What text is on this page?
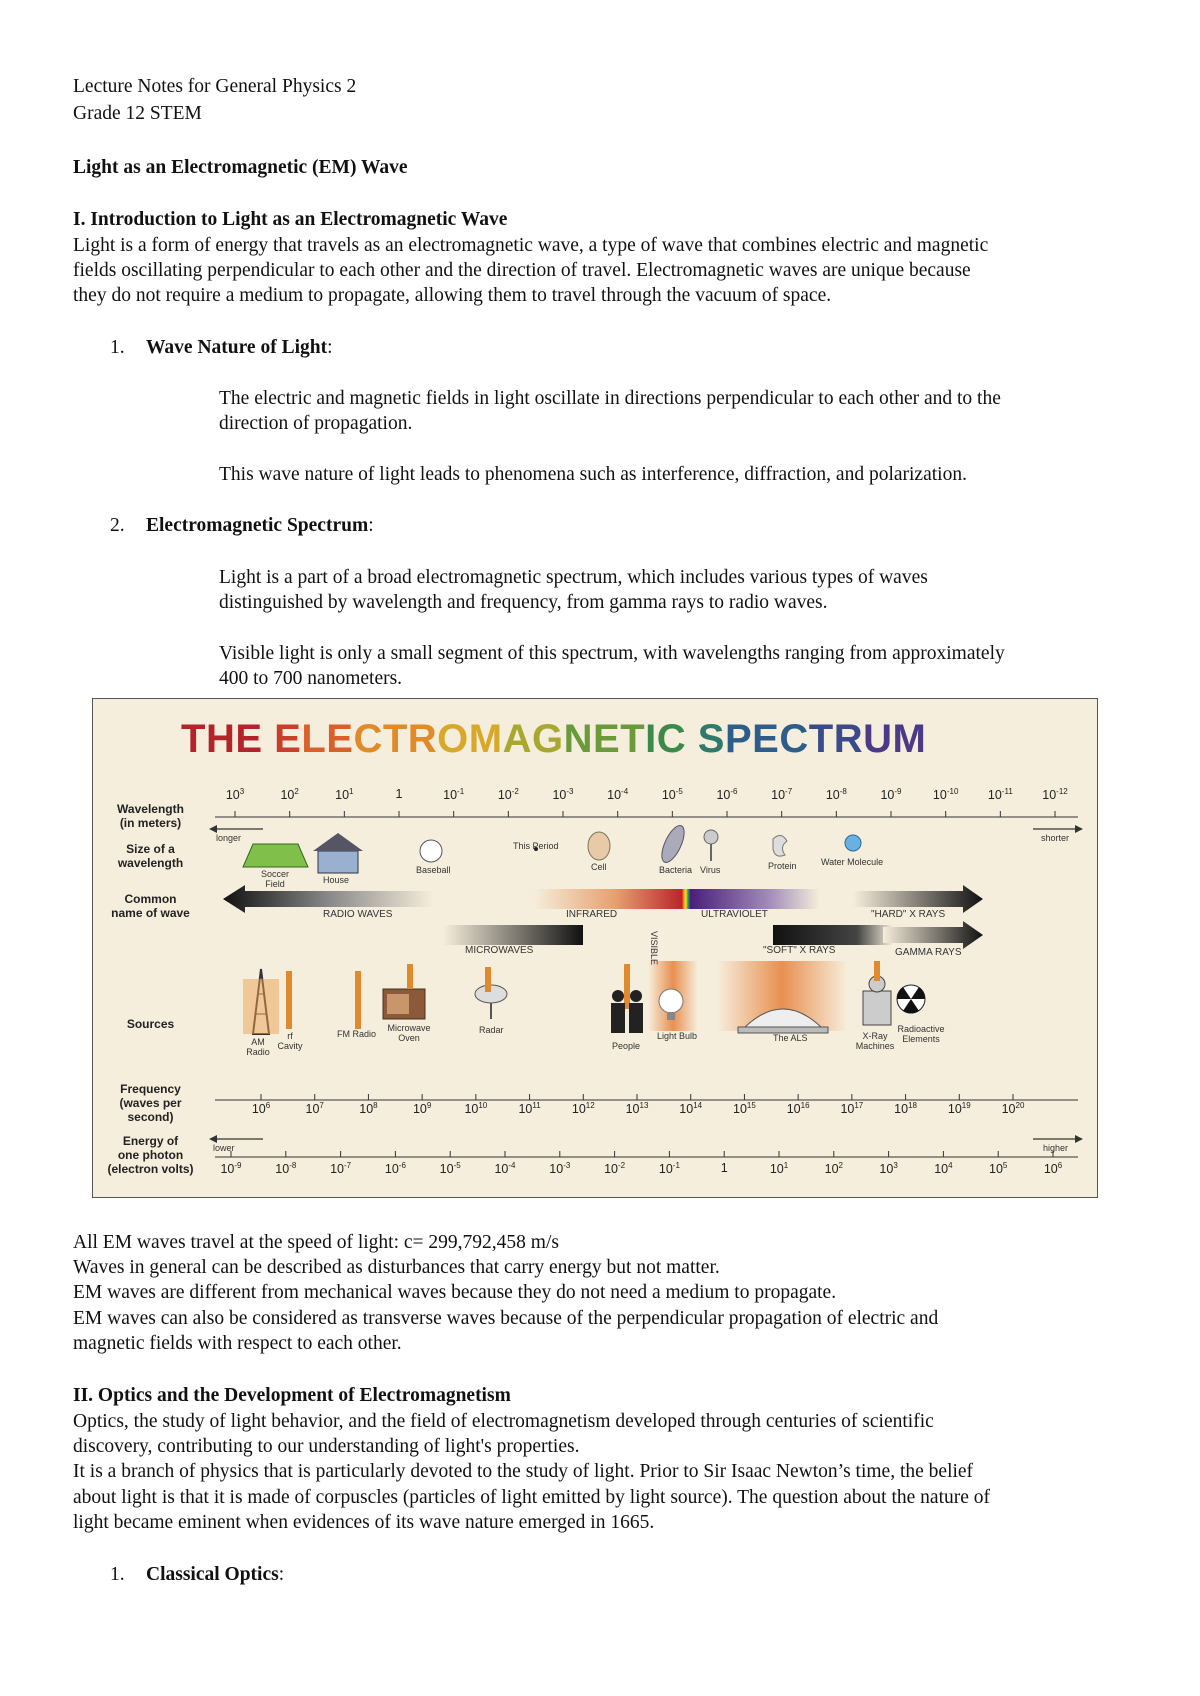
Lecture Notes for General Physics 2
Grade 12 STEM
Light as an Electromagnetic (EM) Wave
I. Introduction to Light as an Electromagnetic Wave
Light is a form of energy that travels as an electromagnetic wave, a type of wave that combines electric and magnetic
fields oscillating perpendicular to each other and the direction of travel. Electromagnetic waves are unique because
they do not require a medium to propagate, allowing them to travel through the vacuum of space.
1. Wave Nature of Light:
The electric and magnetic fields in light oscillate in directions perpendicular to each other and to the
direction of propagation.
This wave nature of light leads to phenomena such as interference, diffraction, and polarization.
2. Electromagnetic Spectrum:
Light is a part of a broad electromagnetic spectrum, which includes various types of waves
distinguished by wavelength and frequency, from gamma rays to radio waves.
Visible light is only a small segment of this spectrum, with wavelengths ranging from approximately
400 to 700 nanometers.
THE ELECTROMAGNETIC SPECTRUM
Wavelength
(in meters)
Size of a
wavelength
Common
name of wave
Sources
Frequency
(waves per
second)
Energy of
one photon
(electron volts)
$10^3$	$10^2$	$10^1$	1	$10^{-1}$	$10^{-2}$	$10^{-3}$	$10^{-4}$	$10^{-5}$	$10^{-6}$	$10^{-7}$	$10^{-8}$	$10^{-9}$	$10^{-10}$ $10^{-11}$ $10^{-12}$
$10^6$	$10^7$	$10^8$	$10^9$	$10^{10}$ $10^{11}$ $10^{12}$ $10^{13}$ $10^{14}$ $10^{15}$ $10^{16}$ $10^{17}$ $10^{18}$ $10^{19}$ $10^{20}$
$10^{-9}$	$10^{-8}$	$10^{-7}$	$10^{-6}$	$10^{-5}$	$10^{-4}$	$10^{-3}$	$10^{-2}$	$10^{-1}$	1	$10^1$	$10^2$	$10^3$	$10^4$	$10^5$	$10^6$
longer	shorter
lower	higher
Soccer Field	House
Baseball
This Period
Cell	Bacteria Virus	Protein	Water Molecule
RADIO WAVES
MICROWAVES
INFRARED
VISIBLE
ULTRAVIOLET
"SOFT" X RAYS
"HARD" X RAYS
GAMMA RAYS
AM Radio
rf Cavity
FM Radio
Microwave Oven
Radar
People
Light Bulb	The ALS	X-Ray Machines
Radioactive Elements
All EM waves travel at the speed of light: c= 299,792,458 m/s
Waves in general can be described as disturbances that carry energy but not matter.
EM waves are different from mechanical waves because they do not need a medium to propagate.
EM waves can also be considered as transverse waves because of the perpendicular propagation of electric and
magnetic fields with respect to each other.
II. Optics and the Development of Electromagnetism
Optics, the study of light behavior, and the field of electromagnetism developed through centuries of scientific
discovery, contributing to our understanding of light's properties.
It is a branch of physics that is particularly devoted to the study of light. Prior to Sir Isaac Newton’s time, the belief
about light is that it is made of corpuscles (particles of light emitted by light source). The question about the nature of
light became eminent when evidences of its wave nature emerged in 1665.
1. Classical Optics:
